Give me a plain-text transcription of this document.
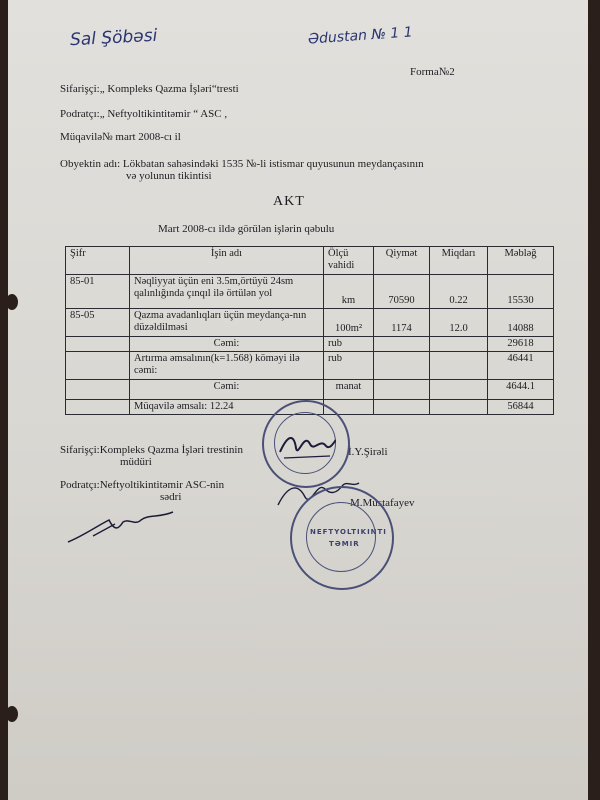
Sal Şöbəsi	Ədustan № 1 1
Forma№2
Sifarişçi:„ Kompleks Qazma İşləri“tresti
Podratçı:„ Neftyoltikintitəmir “ ASC ,
Müqavilə№ mart 2008-cı il
Obyektin adı: Lökbatan sahəsindəki 1535 №-li istismar quyusunun meydançasının
və yolunun tikintisi
AKT
Mart 2008-cı ildə görülən işlərin qəbulu
Şifr	İşin adı	Ölçü vahidi	Qiymət	Miqdarı	Məbləğ
85-01	Nəqliyyat üçün eni 3.5m,örtüyü 24sm qalınlığında çınqıl ilə örtülən yol	km	70590	0.22	15530
85-05	Qazma avadanlıqları üçün meydança-nın düzəldilməsi	100m²	1174	12.0	14088
	Cəmi:	rub			29618
	Artırma əmsalının(k=1.568) köməyi ilə cəmi:	rub			46441
	Cəmi:	manat			4644.1
	Müqavilə əmsalı: 12.24				56844
Sifarişçi:Kompleks Qazma İşləri trestinin
müdüri
İ.Y.Şirəli
Podratçı:Neftyoltikintitəmir ASC-nin
sədri	M.Mustafayev
NEFTYOLTIKINTI
TƏMIR
